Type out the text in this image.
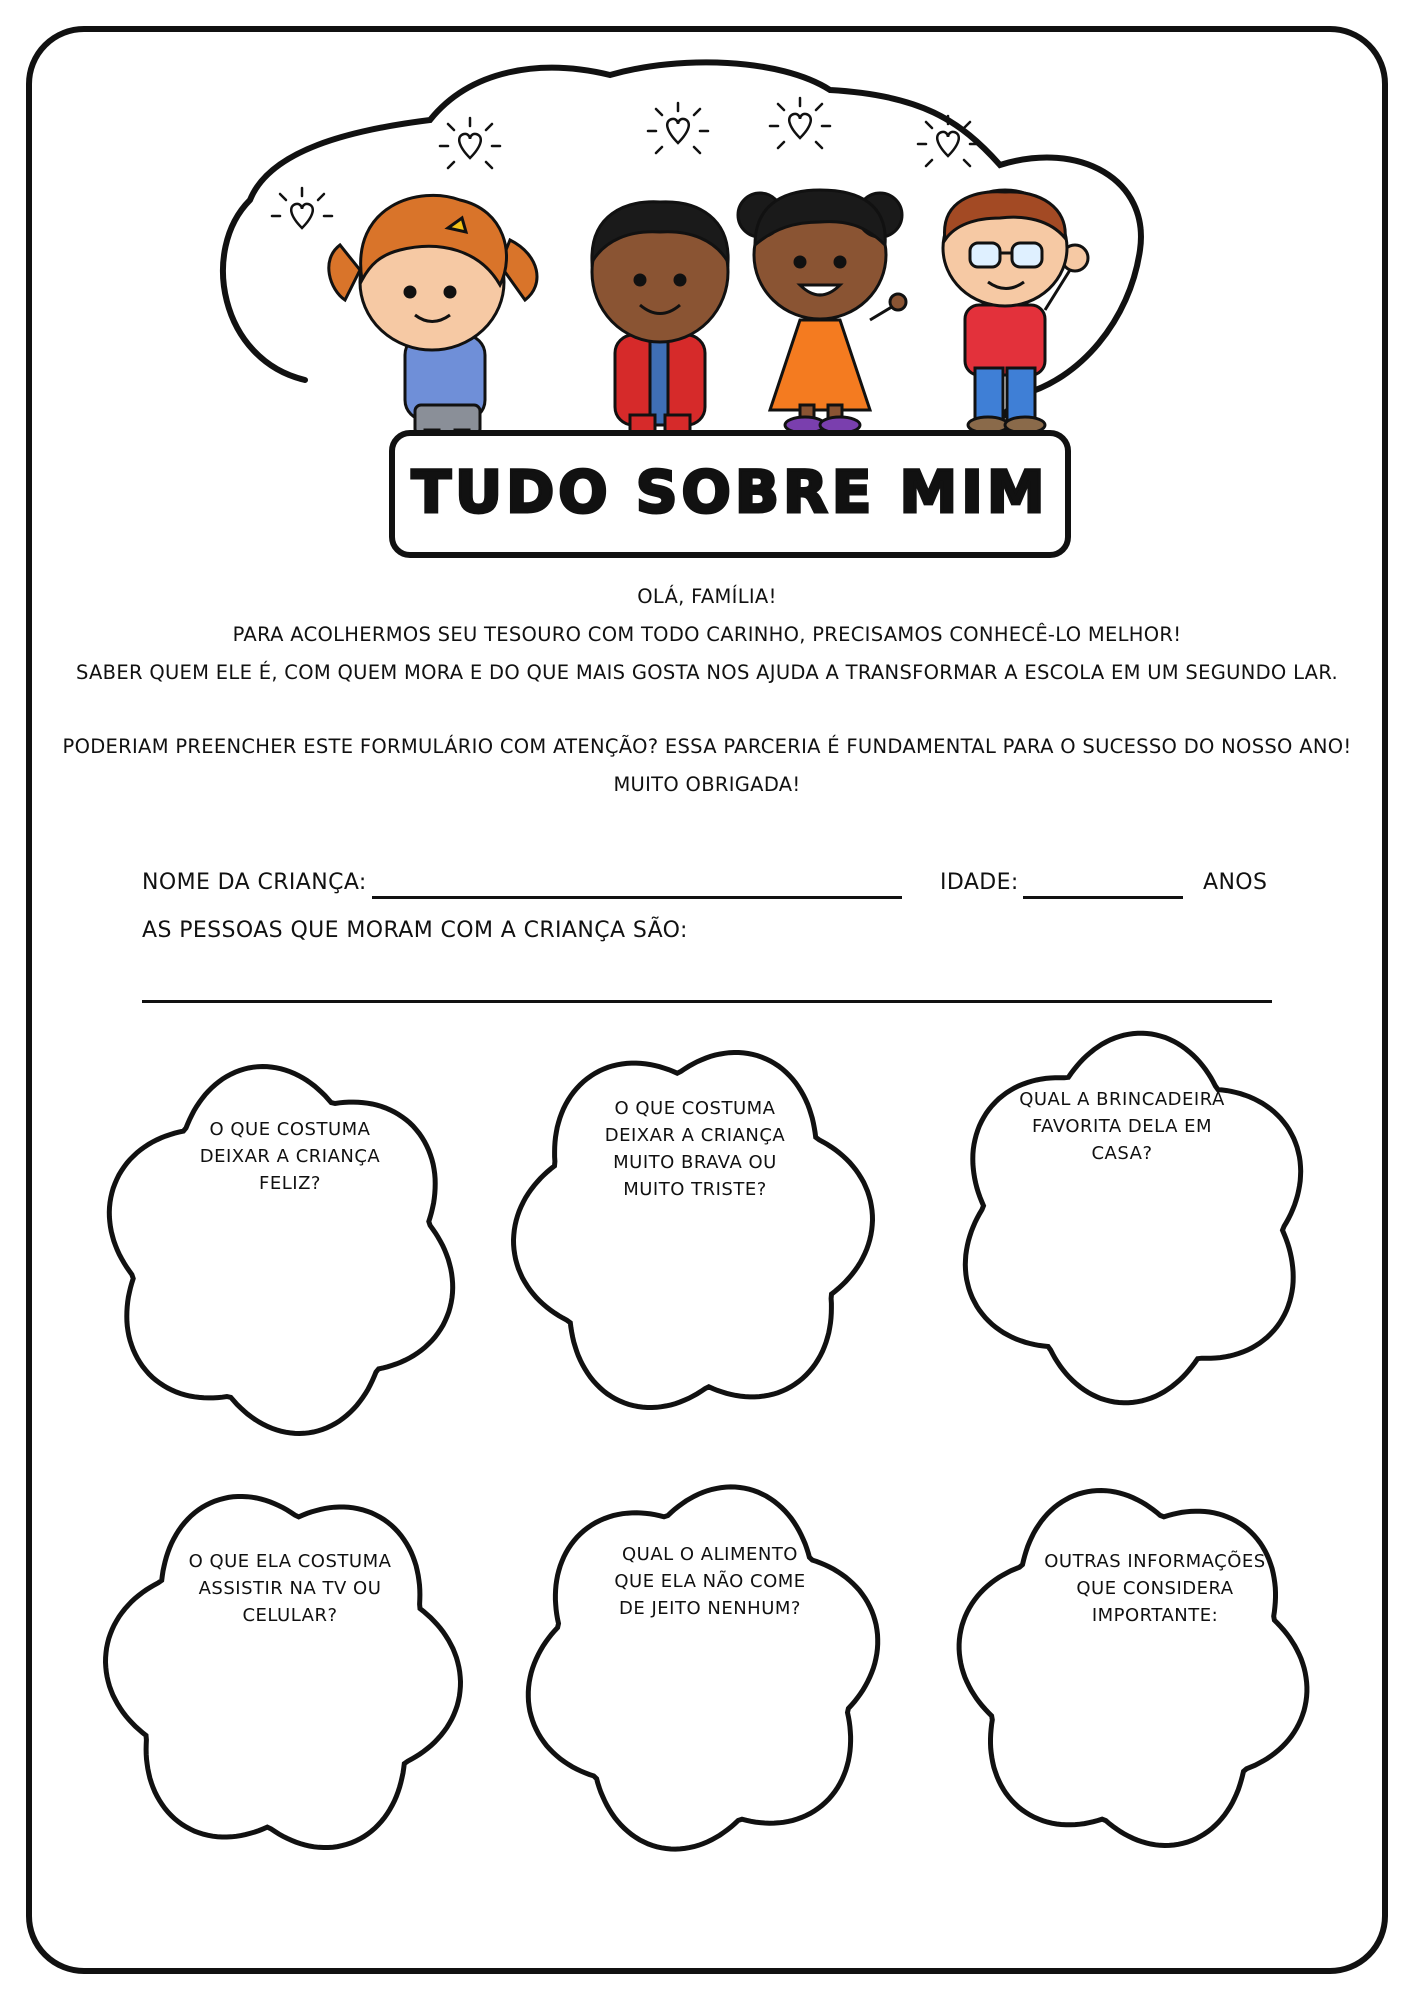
TUDO SOBRE MIM

OLÁ, FAMÍLIA!

PARA ACOLHERMOS SEU TESOURO COM TODO CARINHO, PRECISAMOS CONHECÊ-LO MELHOR!

SABER QUEM ELE É, COM QUEM MORA E DO QUE MAIS GOSTA NOS AJUDA A TRANSFORMAR A ESCOLA EM UM SEGUNDO LAR.

PODERIAM PREENCHER ESTE FORMULÁRIO COM ATENÇÃO? ESSA PARCERIA É FUNDAMENTAL PARA O SUCESSO DO NOSSO ANO!

MUITO OBRIGADA!

NOME DA CRIANÇA:	IDADE:	ANOS
AS PESSOAS QUE MORAM COM A CRIANÇA SÃO:
O QUE COSTUMA DEIXAR A CRIANÇA FELIZ?
O QUE COSTUMA DEIXAR A CRIANÇA MUITO BRAVA OU MUITO TRISTE?
QUAL A BRINCADEIRA FAVORITA DELA EM CASA?
O QUE ELA COSTUMA ASSISTIR NA TV OU CELULAR?
QUAL O ALIMENTO QUE ELA NÃO COME DE JEITO NENHUM?
OUTRAS INFORMAÇÕES QUE CONSIDERA IMPORTANTE:
